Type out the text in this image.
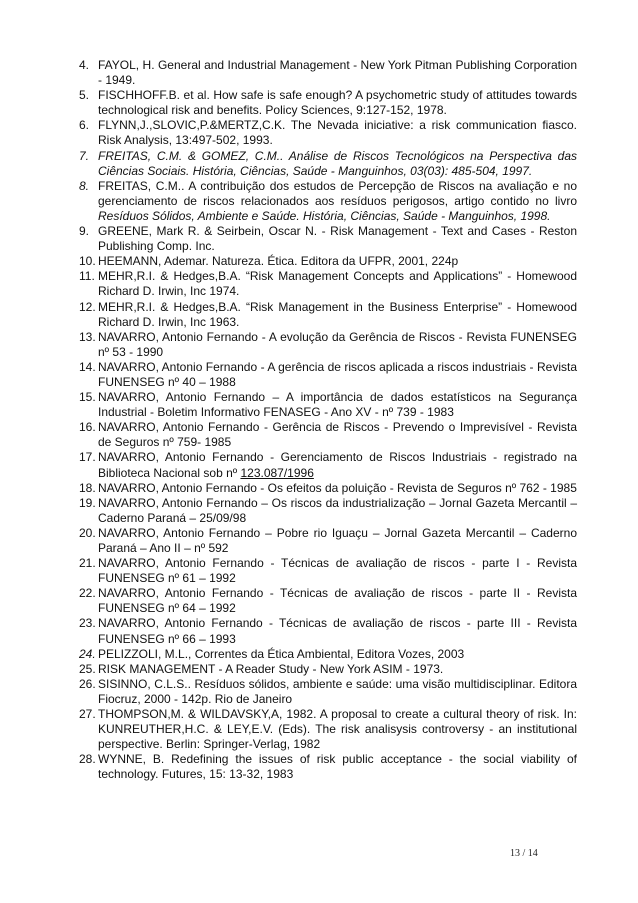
4. FAYOL, H. General and Industrial Management - New York Pitman Publishing Corporation - 1949.
5. FISCHHOFF.B. et al. How safe is safe enough? A psychometric study of attitudes towards technological risk and benefits. Policy Sciences, 9:127-152, 1978.
6. FLYNN,J.,SLOVIC,P.&MERTZ,C.K. The Nevada iniciative: a risk communication fiasco. Risk Analysis, 13:497-502, 1993.
7. FREITAS, C.M. & GOMEZ, C.M.. Análise de Riscos Tecnológicos na Perspectiva das Ciências Sociais. História, Ciências, Saúde - Manguinhos, 03(03): 485-504, 1997.
8. FREITAS, C.M.. A contribuição dos estudos de Percepção de Riscos na avaliação e no gerenciamento de riscos relacionados aos resíduos perigosos, artigo contido no livro Resíduos Sólidos, Ambiente e Saúde. História, Ciências, Saúde - Manguinhos, 1998.
9. GREENE, Mark R. & Seirbein, Oscar N. - Risk Management - Text and Cases - Reston Publishing Comp. Inc.
10. HEEMANN, Ademar. Natureza. Ética. Editora da UFPR, 2001, 224p
11. MEHR,R.I. & Hedges,B.A. “Risk Management Concepts and Applications” - Homewood Richard D. Irwin, Inc 1974.
12. MEHR,R.I. & Hedges,B.A. “Risk Management in the Business Enterprise” - Homewood Richard D. Irwin, Inc 1963.
13. NAVARRO, Antonio Fernando - A evolução da Gerência de Riscos - Revista FUNENSEG nº 53 - 1990
14. NAVARRO, Antonio Fernando - A gerência de riscos aplicada a riscos industriais - Revista FUNENSEG nº 40 – 1988
15. NAVARRO, Antonio Fernando – A importância de dados estatísticos na Segurança Industrial - Boletim Informativo FENASEG - Ano XV - nº 739 - 1983
16. NAVARRO, Antonio Fernando - Gerência de Riscos - Prevendo o Imprevisível - Revista de Seguros nº 759- 1985
17. NAVARRO, Antonio Fernando - Gerenciamento de Riscos Industriais - registrado na Biblioteca Nacional sob nº 123.087/1996
18. NAVARRO, Antonio Fernando - Os efeitos da poluição - Revista de Seguros nº 762 - 1985
19. NAVARRO, Antonio Fernando – Os riscos da industrialização – Jornal Gazeta Mercantil – Caderno Paraná – 25/09/98
20. NAVARRO, Antonio Fernando – Pobre rio Iguaçu – Jornal Gazeta Mercantil – Caderno Paraná – Ano II – nº 592
21. NAVARRO, Antonio Fernando - Técnicas de avaliação de riscos - parte I - Revista FUNENSEG nº 61 – 1992
22. NAVARRO, Antonio Fernando - Técnicas de avaliação de riscos - parte II - Revista FUNENSEG nº 64 – 1992
23. NAVARRO, Antonio Fernando - Técnicas de avaliação de riscos - parte III - Revista FUNENSEG nº 66 – 1993
24. PELIZZOLI, M.L., Correntes da Ética Ambiental, Editora Vozes, 2003
25. RISK MANAGEMENT - A Reader Study - New York ASIM - 1973.
26. SISINNO, C.L.S.. Resíduos sólidos, ambiente e saúde: uma visão multidisciplinar. Editora Fiocruz, 2000 - 142p. Rio de Janeiro
27. THOMPSON,M. & WILDAVSKY,A, 1982. A proposal to create a cultural theory of risk. In: KUNREUTHER,H.C. & LEY,E.V. (Eds). The risk analisysis controversy - an institutional perspective. Berlin: Springer-Verlag, 1982
28. WYNNE, B. Redefining the issues of risk public acceptance - the social viability of technology. Futures, 15: 13-32, 1983
13 / 14
